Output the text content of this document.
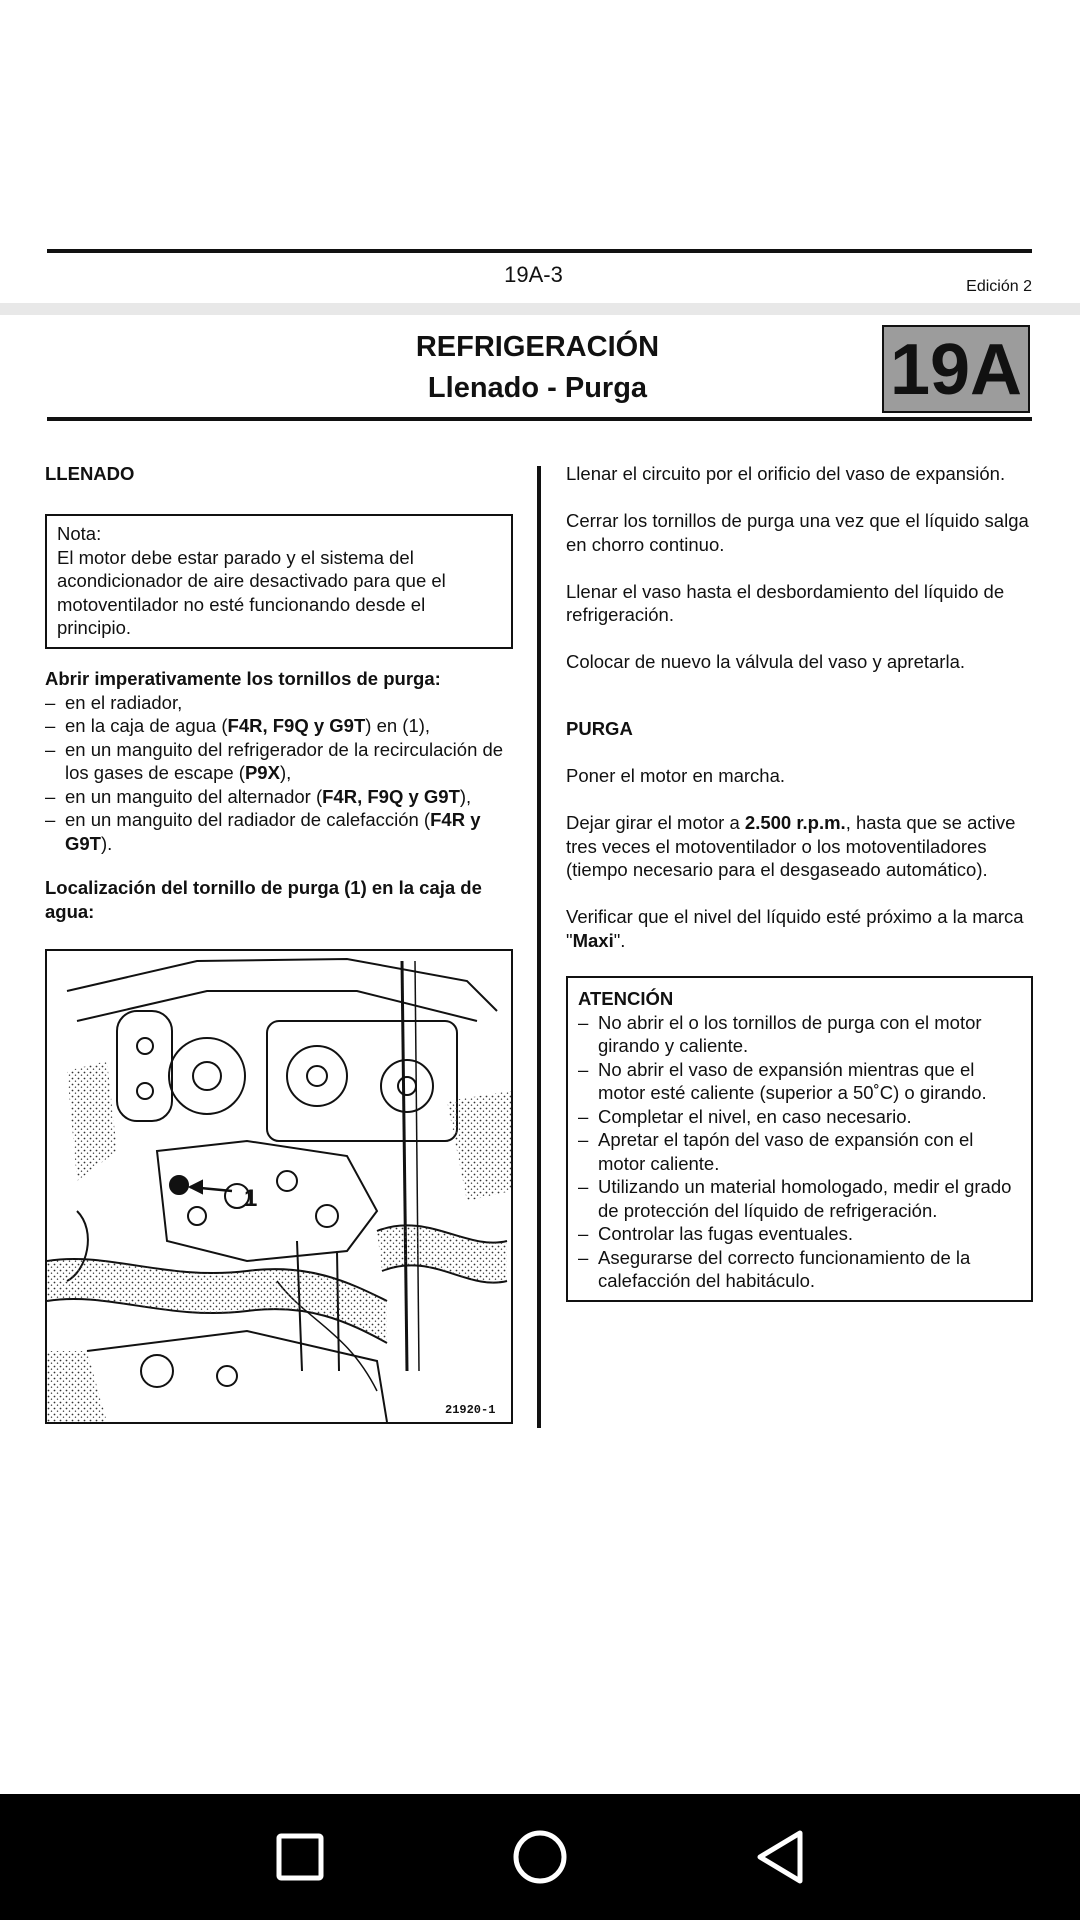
19A-3	Edición 2
REFRIGERACIÓN
Llenado - Purga	19A
LLENADO

Nota:

El motor debe estar parado y el sistema del acondicionador de aire desactivado para que el motoventilador no esté funcionando desde el principio.

Abrir imperativamente los tornillos de purga:

– en el radiador,
– en la caja de agua (F4R, F9Q y G9T) en (1),
– en un manguito del refrigerador de la recirculación de los gases de escape (P9X),
– en un manguito del alternador (F4R, F9Q y G9T),
– en un manguito del radiador de calefacción (F4R y G9T).
Localización del tornillo de purga (1) en la caja de agua:
1
21920-1

Llenar el circuito por el orificio del vaso de expansión.

Cerrar los tornillos de purga una vez que el líquido salga en chorro continuo.

Llenar el vaso hasta el desbordamiento del líquido de refrigeración.

Colocar de nuevo la válvula del vaso y apretarla.

PURGA

Poner el motor en marcha.

Dejar girar el motor a 2.500 r.p.m., hasta que se active tres veces el motoventilador o los motoventiladores (tiempo necesario para el desgaseado automático).

Verificar que el nivel del líquido esté próximo a la marca "Maxi".

ATENCIÓN

– No abrir el o los tornillos de purga con el motor girando y caliente.
– No abrir el vaso de expansión mientras que el motor esté caliente (superior a 50˚C) o girando.
– Completar el nivel, en caso necesario.
– Apretar el tapón del vaso de expansión con el motor caliente.
– Utilizando un material homologado, medir el grado de protección del líquido de refrigeración.
– Controlar las fugas eventuales.
– Asegurarse del correcto funcionamiento de la calefacción del habitáculo.
